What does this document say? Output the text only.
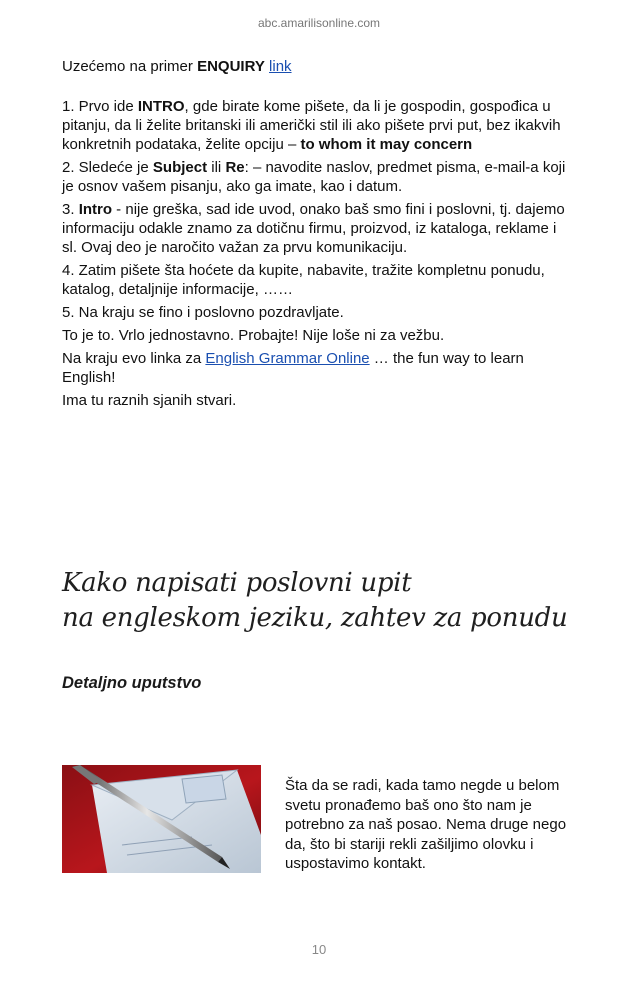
abc.amarilisonline.com
Uzećemo na primer ENQUIRY link

1. Prvo ide INTRO, gde birate kome pišete, da li je gospodin, gospođica u pitanju, da li želite britanski ili američki stil ili ako pišete prvi put, bez ikakvih konkretnih podataka, želite opciju – to whom it may concern

2. Sledeće je Subject ili Re: – navodite naslov, predmet pisma, e-mail-a koji je osnov vašem pisanju, ako ga imate, kao i datum.

3. Intro - nije greška, sad ide uvod, onako baš smo fini i poslovni, tj. dajemo informaciju odakle znamo za dotičnu firmu, proizvod, iz kataloga, reklame i sl. Ovaj deo je naročito važan za prvu komunikaciju.

4. Zatim pišete šta hoćete da kupite, nabavite, tražite kompletnu ponudu, katalog, detaljnije informacije, ……

5. Na kraju se fino i poslovno pozdravljate.

To je to. Vrlo jednostavno. Probajte! Nije loše ni za vežbu.

Na kraju evo linka za English Grammar Online … the fun way to learn English!

Ima tu raznih sjanih stvari.

Kako napisati poslovni upit
na engleskom jeziku, zahtev za ponudu
Detaljno uputstvo
Šta da se radi, kada tamo negde u belom svetu pronađemo baš ono što nam je potrebno za naš posao. Nema druge nego da, što bi stariji rekli zašiljimo olovku i uspostavimo kontakt.
10
